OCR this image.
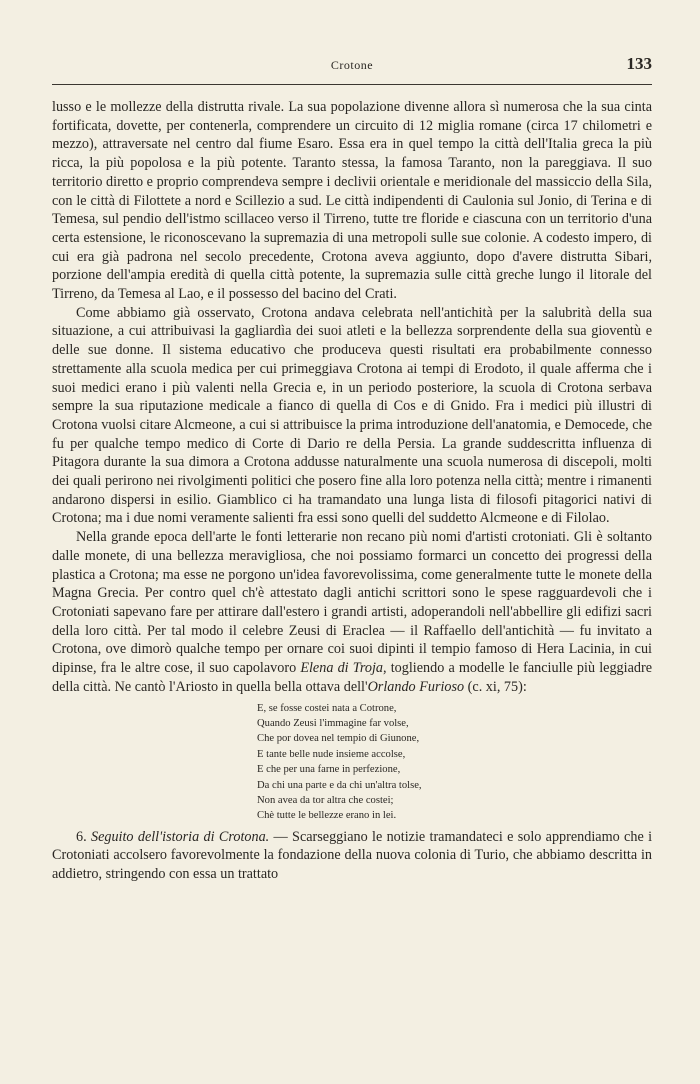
Crotone	133

lusso e le mollezze della distrutta rivale. La sua popolazione divenne allora sì numerosa che la sua cinta fortificata, dovette, per contenerla, comprendere un circuito di 12 miglia romane (circa 17 chilometri e mezzo), attraversate nel centro dal fiume Esaro. Essa era in quel tempo la città dell'Italia greca la più ricca, la più popolosa e la più potente. Taranto stessa, la famosa Taranto, non la pareggiava. Il suo territorio diretto e proprio comprendeva sempre i declivii orientale e meridionale del massiccio della Sila, con le città di Filottete a nord e Scillezio a sud. Le città indipendenti di Caulonia sul Jonio, di Terina e di Temesa, sul pendio dell'istmo scillaceo verso il Tirreno, tutte tre floride e ciascuna con un territorio d'una certa estensione, le riconoscevano la supremazia di una metropoli sulle sue colonie. A codesto impero, di cui era già padrona nel secolo precedente, Crotona aveva aggiunto, dopo d'avere distrutta Sibari, porzione dell'ampia eredità di quella città potente, la supremazia sulle città greche lungo il litorale del Tirreno, da Temesa al Lao, e il possesso del bacino del Crati.

Come abbiamo già osservato, Crotona andava celebrata nell'antichità per la salubrità della sua situazione, a cui attribuivasi la gagliardìa dei suoi atleti e la bellezza sorprendente della sua gioventù e delle sue donne. Il sistema educativo che produceva questi risultati era probabilmente connesso strettamente alla scuola medica per cui primeggiava Crotona ai tempi di Erodoto, il quale afferma che i suoi medici erano i più valenti nella Grecia e, in un periodo posteriore, la scuola di Crotona serbava sempre la sua riputazione medicale a fianco di quella di Cos e di Gnido. Fra i medici più illustri di Crotona vuolsi citare Alcmeone, a cui si attribuisce la prima introduzione dell'anatomia, e Democede, che fu per qualche tempo medico di Corte di Dario re della Persia. La grande suddescritta influenza di Pitagora durante la sua dimora a Crotona addusse naturalmente una scuola numerosa di discepoli, molti dei quali perirono nei rivolgimenti politici che posero fine alla loro potenza nella città; mentre i rimanenti andarono dispersi in esilio. Giamblico ci ha tramandato una lunga lista di filosofi pitagorici nativi di Crotona; ma i due nomi veramente salienti fra essi sono quelli del suddetto Alcmeone e di Filolao.

Nella grande epoca dell'arte le fonti letterarie non recano più nomi d'artisti crotoniati. Gli è soltanto dalle monete, di una bellezza meravigliosa, che noi possiamo formarci un concetto dei progressi della plastica a Crotona; ma esse ne porgono un'idea favorevolissima, come generalmente tutte le monete della Magna Grecia. Per contro quel ch'è attestato dagli antichi scrittori sono le spese ragguardevoli che i Crotoniati sapevano fare per attirare dall'estero i grandi artisti, adoperandoli nell'abbellire gli edifizi sacri della loro città. Per tal modo il celebre Zeusi di Eraclea — il Raffaello dell'antichità — fu invitato a Crotona, ove dimorò qualche tempo per ornare coi suoi dipinti il tempio famoso di Hera Lacinia, in cui dipinse, fra le altre cose, il suo capolavoro Elena di Troja, togliendo a modelle le fanciulle più leggiadre della città. Ne cantò l'Ariosto in quella bella ottava dell'Orlando Furioso (c. xi, 75):

E, se fosse costei nata a Cotrone,
Quando Zeusi l'immagine far volse,
Che por dovea nel tempio di Giunone,
E tante belle nude insieme accolse,
E che per una farne in perfezione,
Da chi una parte e da chi un'altra tolse,
Non avea da tor altra che costei;
Chè tutte le bellezze erano in lei.

6. Seguito dell'istoria di Crotona. — Scarseggiano le notizie tramandateci e solo apprendiamo che i Crotoniati accolsero favorevolmente la fondazione della nuova colonia di Turio, che abbiamo descritta in addietro, stringendo con essa un trattato
